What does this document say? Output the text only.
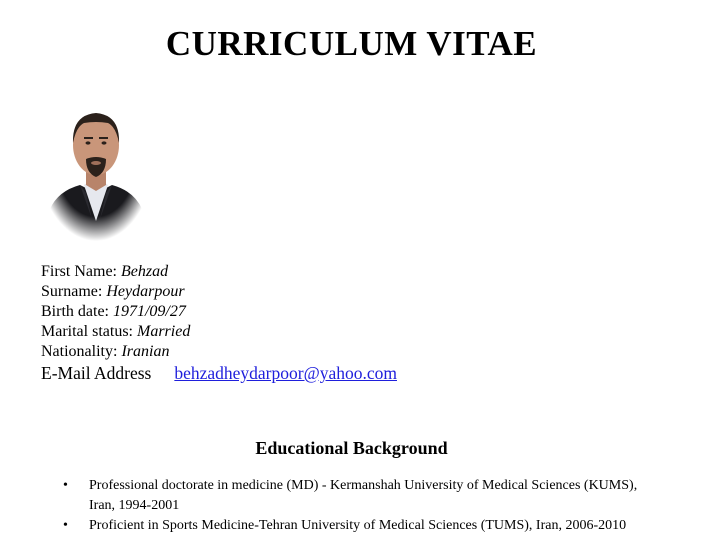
CURRICULUM VITAE
First Name: Behzad
Surname: Heydarpour
Birth date: 1971/09/27
Marital status: Married
Nationality: Iranian
E-Mail Address behzadheydarpoor@yahoo.com
Educational Background
• Professional doctorate in medicine (MD) - Kermanshah University of Medical Sciences (KUMS), Iran, 1994-2001
• Proficient in Sports Medicine-Tehran University of Medical Sciences (TUMS), Iran, 2006-2010
